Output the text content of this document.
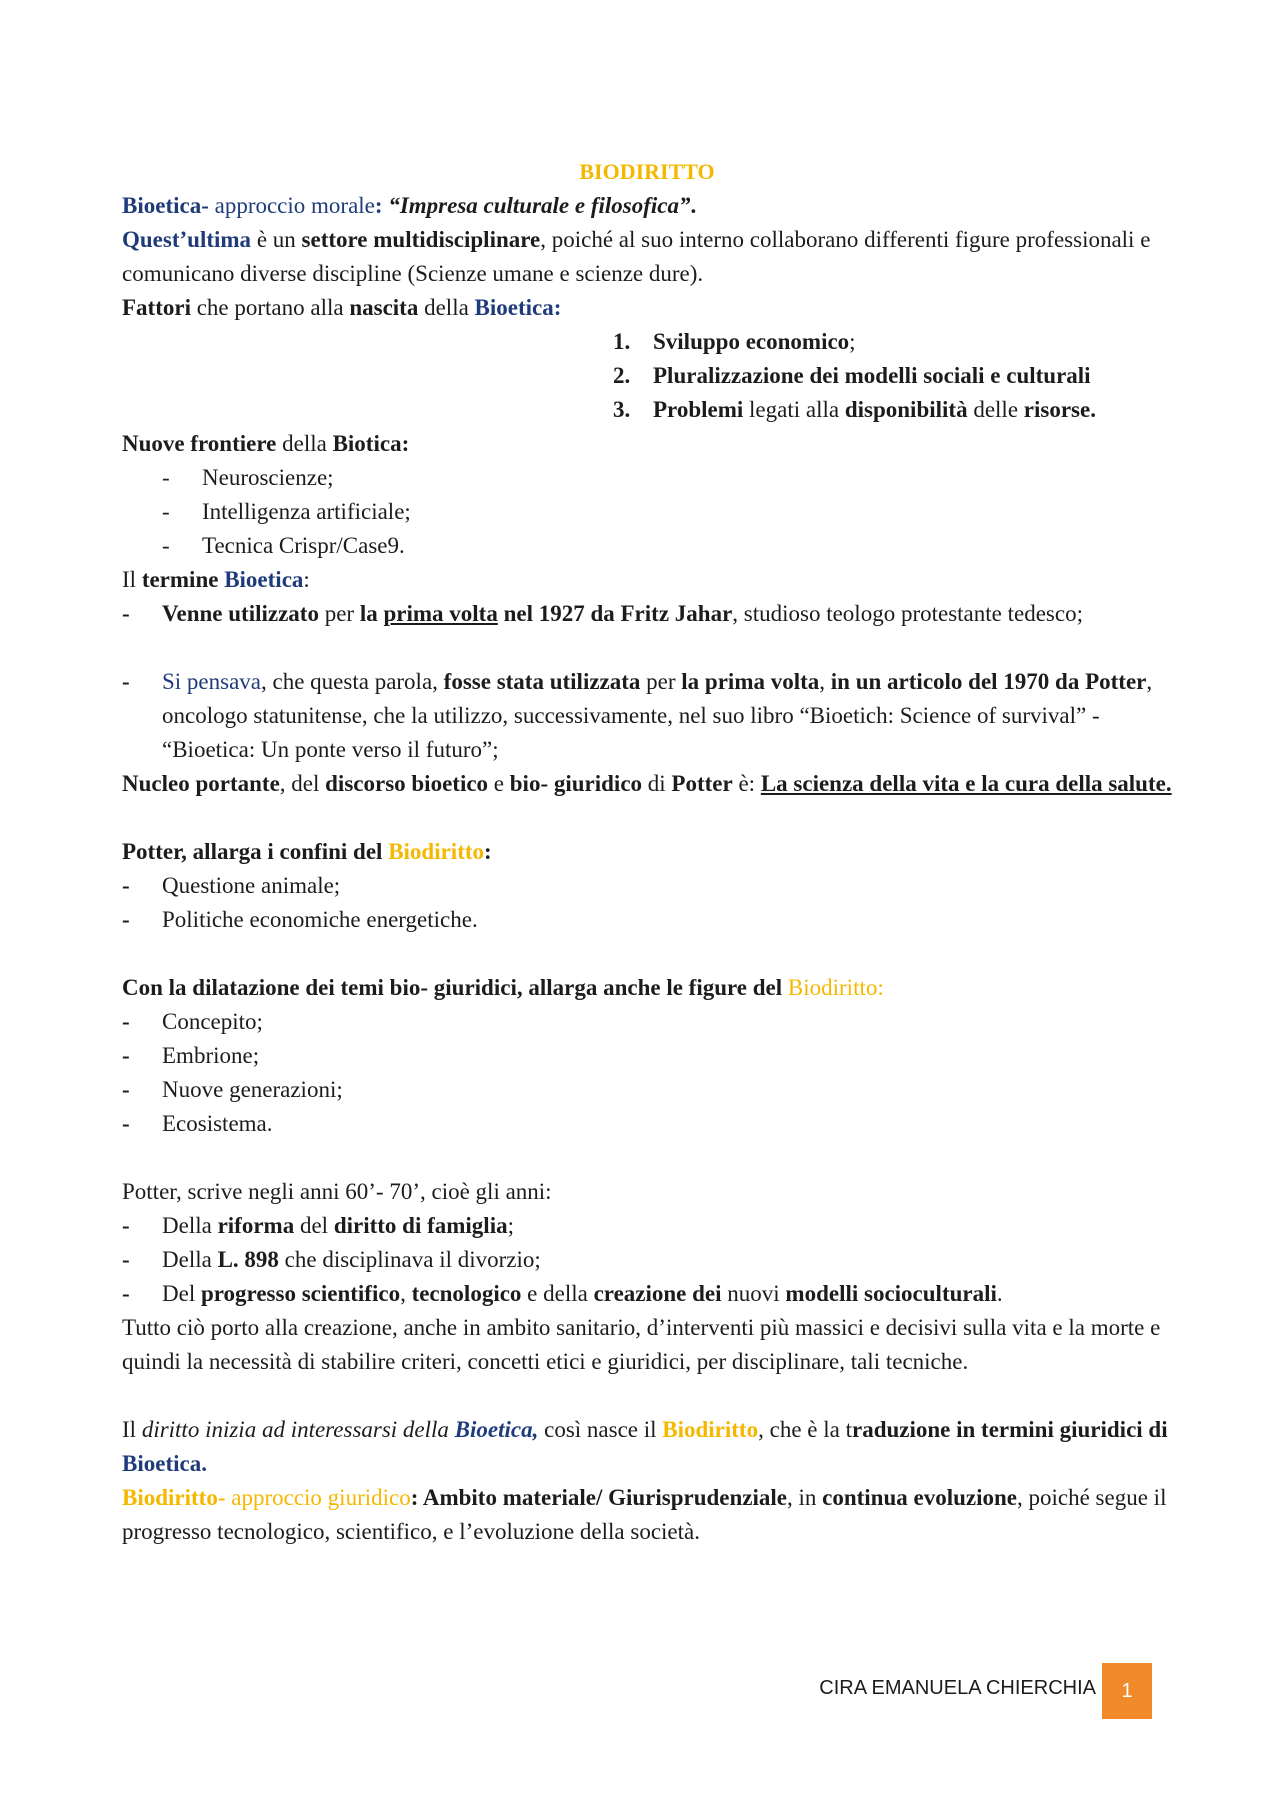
BIODIRITTO

Bioetica- approccio morale: “Impresa culturale e filosofica”.

Quest’ultima è un settore multidisciplinare, poiché al suo interno collaborano differenti figure professionali e comunicano diverse discipline (Scienze umane e scienze dure).

Fattori che portano alla nascita della Bioetica:

1. Sviluppo economico;

2. Pluralizzazione dei modelli sociali e culturali

3. Problemi legati alla disponibilità delle risorse.

Nuove frontiere della Biotica:

- Neuroscienze;

- Intelligenza artificiale;

- Tecnica Crispr/Case9.

Il termine Bioetica:

- Venne utilizzato per la prima volta nel 1927 da Fritz Jahar, studioso teologo protestante tedesco;

- Si pensava, che questa parola, fosse stata utilizzata per la prima volta, in un articolo del 1970 da Potter, oncologo statunitense, che la utilizzo, successivamente, nel suo libro “Bioetich: Science of survival” - “Bioetica: Un ponte verso il futuro”;

Nucleo portante, del discorso bioetico e bio- giuridico di Potter è: La scienza della vita e la cura della salute.

Potter, allarga i confini del Biodiritto:

- Questione animale;

- Politiche economiche energetiche.

Con la dilatazione dei temi bio- giuridici, allarga anche le figure del Biodiritto:

- Concepito;

- Embrione;

- Nuove generazioni;

- Ecosistema.

Potter, scrive negli anni 60’- 70’, cioè gli anni:

- Della riforma del diritto di famiglia;

- Della L. 898 che disciplinava il divorzio;

- Del progresso scientifico, tecnologico e della creazione dei nuovi modelli socioculturali.

Tutto ciò porto alla creazione, anche in ambito sanitario, d’interventi più massici e decisivi sulla vita e la morte e quindi la necessità di stabilire criteri, concetti etici e giuridici, per disciplinare, tali tecniche.

Il diritto inizia ad interessarsi della Bioetica, così nasce il Biodiritto, che è la traduzione in termini giuridici di Bioetica.

Biodiritto- approccio giuridico: Ambito materiale/ Giurisprudenziale, in continua evoluzione, poiché segue il progresso tecnologico, scientifico, e l’evoluzione della società.

CIRA EMANUELA CHIERCHIA	1
